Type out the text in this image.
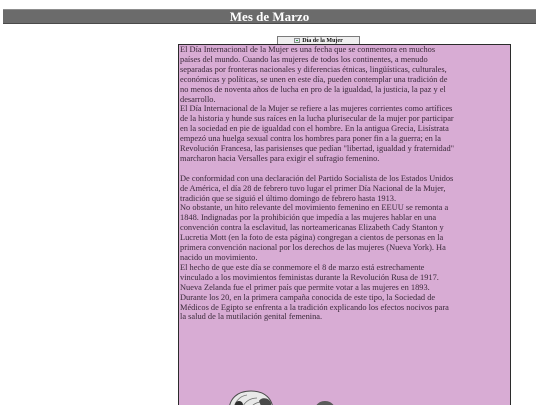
Mes de Marzo
Día de la Mujer

El Día Internacional de la Mujer es una fecha que se conmemora en muchos
países del mundo. Cuando las mujeres de todos los continentes, a menudo
separadas por fronteras nacionales y diferencias étnicas, lingüísticas, culturales,
económicas y políticas, se unen en este día, pueden contemplar una tradición de
no menos de noventa años de lucha en pro de la igualdad, la justicia, la paz y el
desarrollo.

El Día Internacional de la Mujer se refiere a las mujeres corrientes como artífices
de la historia y hunde sus raíces en la lucha plurisecular de la mujer por participar
en la sociedad en pie de igualdad con el hombre. En la antigua Grecia, Lisístrata
empezó una huelga sexual contra los hombres para poner fin a la guerra; en la
Revolución Francesa, las parisienses que pedían "libertad, igualdad y fraternidad"
marcharon hacia Versalles para exigir el sufragio femenino.

De conformidad con una declaración del Partido Socialista de los Estados Unidos
de América, el día 28 de febrero tuvo lugar el primer Día Nacional de la Mujer,
tradición que se siguió el último domingo de febrero hasta 1913.

No obstante, un hito relevante del movimiento femenino en EEUU se remonta a
1848. Indignadas por la prohibición que impedía a las mujeres hablar en una
convención contra la esclavitud, las norteamericanas Elizabeth Cady Stanton y
Lucretia Mott (en la foto de esta página) congregan a cientos de personas en la
primera convención nacional por los derechos de las mujeres (Nueva York). Ha
nacido un movimiento.

El hecho de que este día se conmemore el 8 de marzo está estrechamente
vinculado a los movimientos feministas durante la Revolución Rusa de 1917.

Nueva Zelanda fue el primer país que permite votar a las mujeres en 1893.

Durante los 20, en la primera campaña conocida de este tipo, la Sociedad de
Médicos de Egipto se enfrenta a la tradición explicando los efectos nocivos para
la salud de la mutilación genital femenina.
